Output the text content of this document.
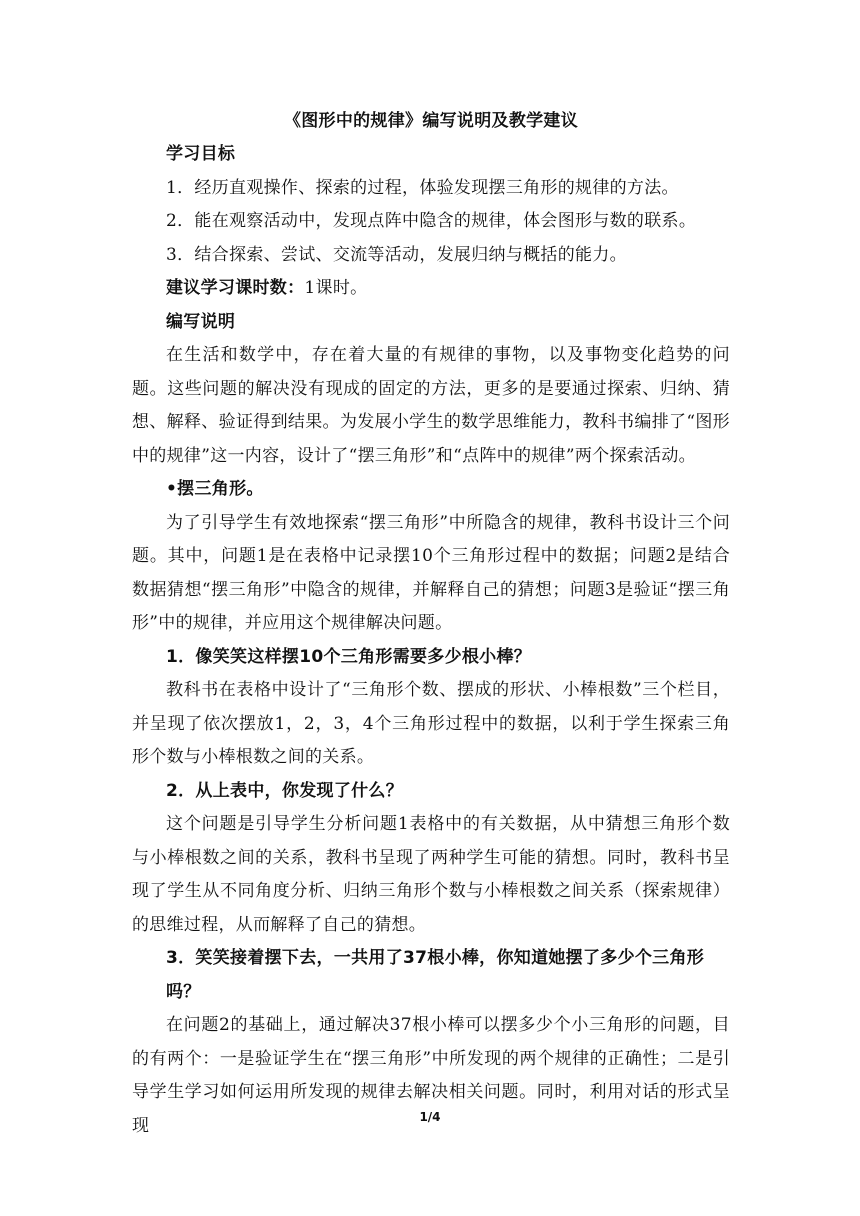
《图形中的规律》编写说明及教学建议

学习目标

1．经历直观操作、探索的过程，体验发现摆三角形的规律的方法。

2．能在观察活动中，发现点阵中隐含的规律，体会图形与数的联系。

3．结合探索、尝试、交流等活动，发展归纳与概括的能力。

建议学习课时数：1课时。

编写说明

在生活和数学中，存在着大量的有规律的事物，以及事物变化趋势的问题。这些问题的解决没有现成的固定的方法，更多的是要通过探索、归纳、猜想、解释、验证得到结果。为发展小学生的数学思维能力，教科书编排了“图形中的规律”这一内容，设计了“摆三角形”和“点阵中的规律”两个探索活动。

•摆三角形。

为了引导学生有效地探索“摆三角形”中所隐含的规律，教科书设计三个问题。其中，问题1是在表格中记录摆10个三角形过程中的数据；问题2是结合数据猜想“摆三角形”中隐含的规律，并解释自己的猜想；问题3是验证“摆三角形”中的规律，并应用这个规律解决问题。

1．像笑笑这样摆10个三角形需要多少根小棒？

教科书在表格中设计了“三角形个数、摆成的形状、小棒根数”三个栏目，并呈现了依次摆放1，2，3，4个三角形过程中的数据，以利于学生探索三角形个数与小棒根数之间的关系。

2．从上表中，你发现了什么？

这个问题是引导学生分析问题1表格中的有关数据，从中猜想三角形个数与小棒根数之间的关系，教科书呈现了两种学生可能的猜想。同时，教科书呈现了学生从不同角度分析、归纳三角形个数与小棒根数之间关系（探索规律）的思维过程，从而解释了自己的猜想。

3．笑笑接着摆下去，一共用了37根小棒，你知道她摆了多少个三角形吗？

在问题2的基础上，通过解决37根小棒可以摆多少个小三角形的问题，目的有两个：一是验证学生在“摆三角形”中所发现的两个规律的正确性；二是引导学生学习如何运用所发现的规律去解决相关问题。同时，利用对话的形式呈现	1/4
